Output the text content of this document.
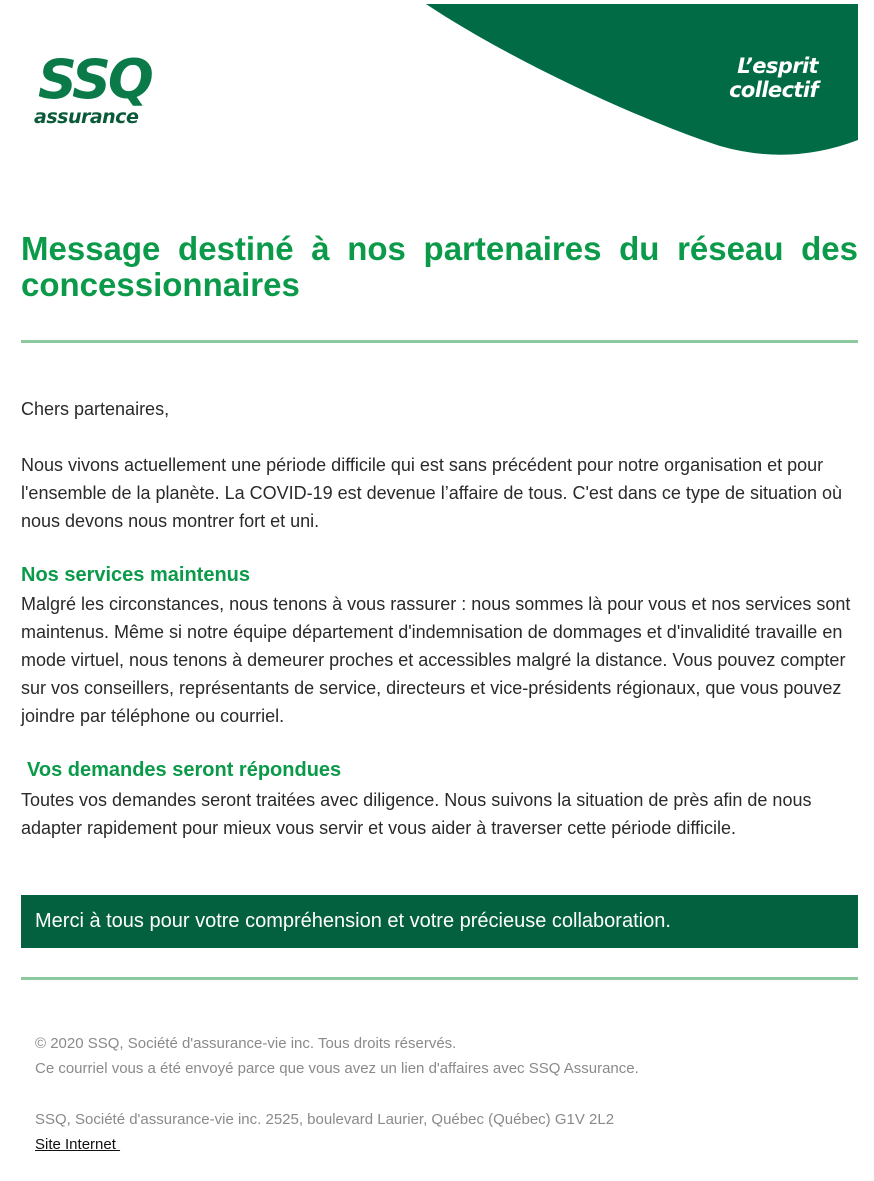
SSQ
assurance
L’esprit
collectif
Message destiné à nos partenaires du réseau des concessionnaires

Chers partenaires,

Nous vivons actuellement une période difficile qui est sans précédent pour notre organisation et pour l'ensemble de la planète. La COVID-19 est devenue l’affaire de tous. C'est dans ce type de situation où nous devons nous montrer fort et uni.

Nos services maintenus

Malgré les circonstances, nous tenons à vous rassurer : nous sommes là pour vous et nos services sont maintenus. Même si notre équipe département d'indemnisation de dommages et d'invalidité travaille en mode virtuel, nous tenons à demeurer proches et accessibles malgré la distance. Vous pouvez compter sur vos conseillers, représentants de service, directeurs et vice-présidents régionaux, que vous pouvez joindre par téléphone ou courriel.

Vos demandes seront répondues

Toutes vos demandes seront traitées avec diligence. Nous suivons la situation de près afin de nous adapter rapidement pour mieux vous servir et vous aider à traverser cette période difficile.

Merci à tous pour votre compréhension et votre précieuse collaboration.

© 2020 SSQ, Société d'assurance-vie inc. Tous droits réservés.

Ce courriel vous a été envoyé parce que vous avez un lien d'affaires avec SSQ Assurance.

SSQ, Société d'assurance-vie inc. 2525, boulevard Laurier, Québec (Québec) G1V 2L2

Site Internet
